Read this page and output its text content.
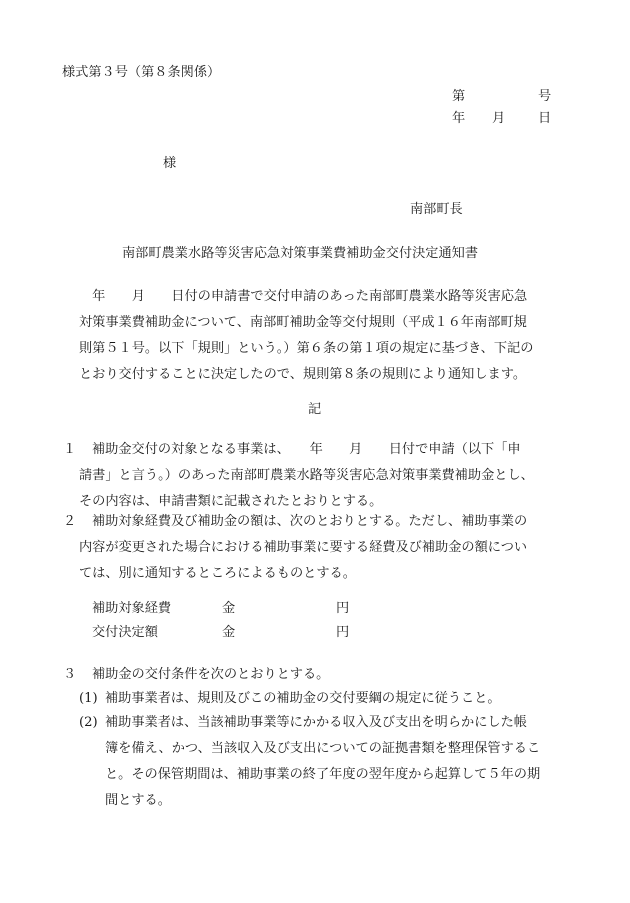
様式第３号（第８条関係）
第	号
年 月 日
様
南部町長
南部町農業水路等災害応急対策事業費補助金交付決定通知書
　年　　月　　日付の申請書で交付申請のあった南部町農業水路等災害応急
対策事業費補助金について、南部町補助金等交付規則（平成１６年南部町規
則第５１号。以下「規則」という。）第６条の第１項の規定に基づき、下記の
とおり交付することに決定したので、規則第８条の規則により通知します。
記
１	補助金交付の対象となる事業は、　　年　　月　　日付で申請（以下「申
請書」と言う。）のあった南部町農業水路等災害応急対策事業費補助金とし、
その内容は、申請書類に記載されたとおりとする。
２	補助対象経費及び補助金の額は、次のとおりとする。ただし、補助事業の
内容が変更された場合における補助事業に要する経費及び補助金の額につい
ては、別に通知するところによるものとする。
補助対象経費	金	円
交付決定額	金	円
３ 補助金の交付条件を次のとおりとする。
(1) 補助事業者は、規則及びこの補助金の交付要綱の規定に従うこと。
(2) 補助事業者は、当該補助事業等にかかる収入及び支出を明らかにした帳
簿を備え、かつ、当該収入及び支出についての証拠書類を整理保管するこ
と。その保管期間は、補助事業の終了年度の翌年度から起算して５年の期
間とする。
